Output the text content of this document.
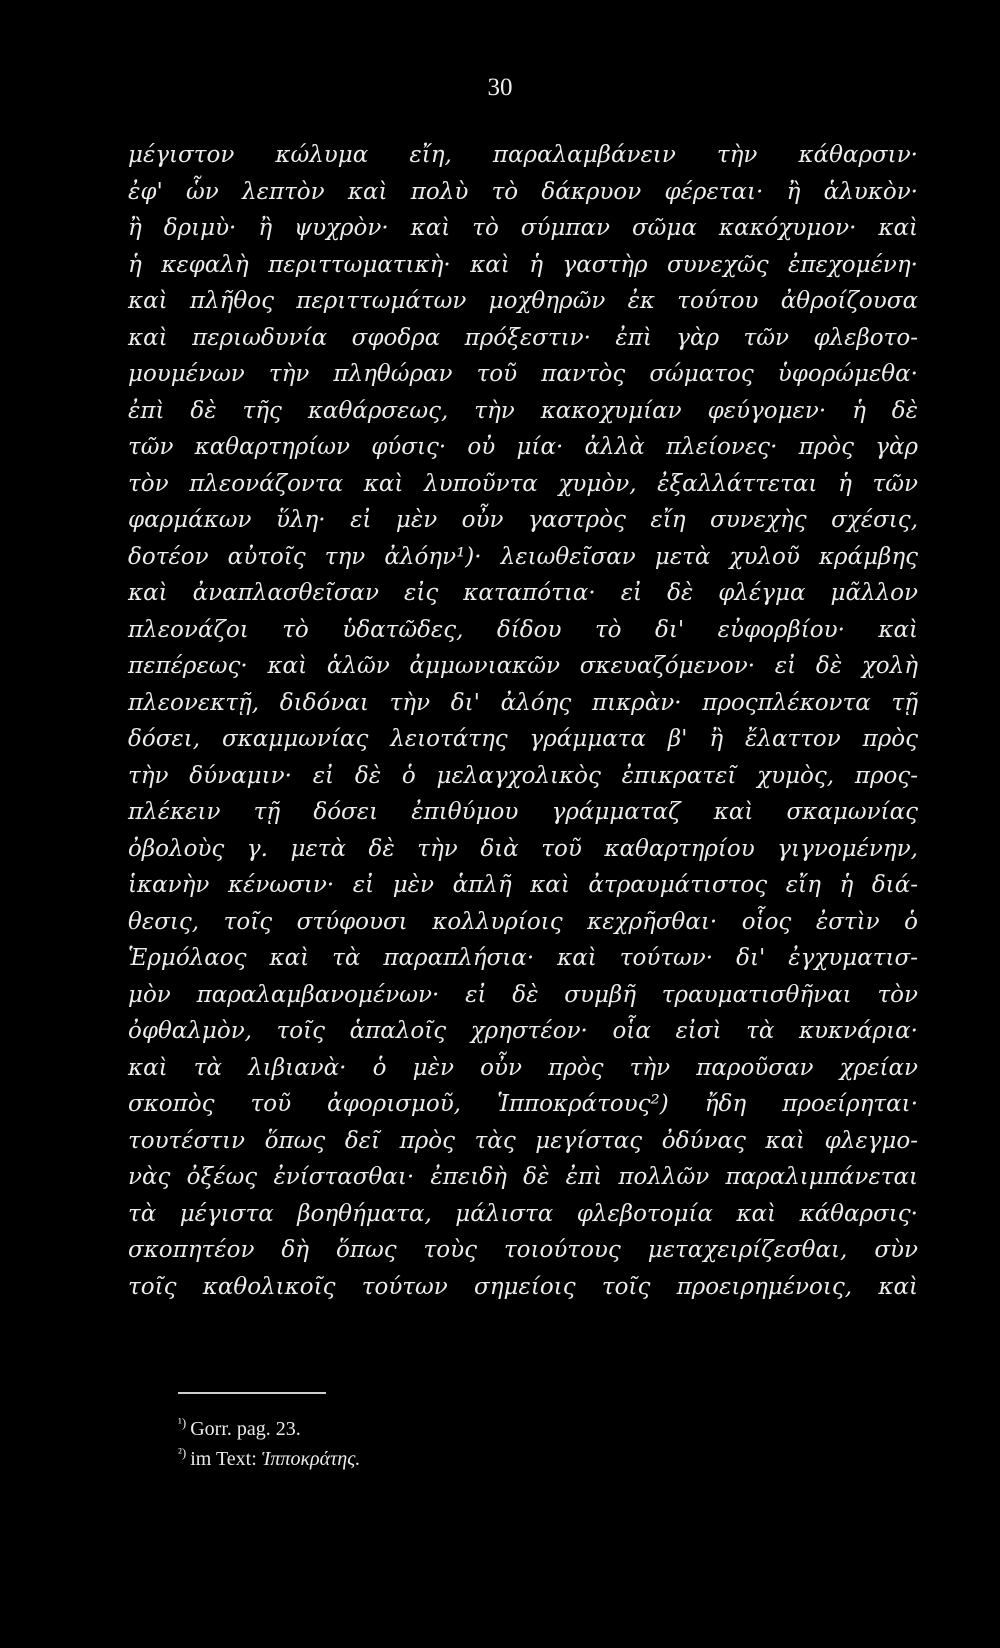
30
μέγιστον κώλυμα εἴη, παραλαμβάνειν τὴν κάθαρσιν·
ἐφ' ὧν λεπτὸν καὶ πολὺ τὸ δάκρυον φέρεται· ἢ ἁλυκὸν·
ἢ δριμὺ· ἢ ψυχρὸν· καὶ τὸ σύμπαν σῶμα κακόχυμον· καὶ
ἡ κεφαλὴ περιττωματικὴ· καὶ ἡ γαστὴρ συνεχῶς ἐπεχομένη·
καὶ πλῆθος περιττωμάτων μοχθηρῶν ἐκ τούτου ἀθροίζουσα
καὶ περιωδυνία σφοδρα πρόξεστιν· ἐπὶ γὰρ τῶν φλεβοτο-
μουμένων τὴν πληθώραν τοῦ παντὸς σώματος ὑφορώμεθα·
ἐπὶ δὲ τῆς καθάρσεως, τὴν κακοχυμίαν φεύγομεν· ἡ δὲ
τῶν καθαρτηρίων φύσις· οὐ μία· ἀλλὰ πλείονες· πρὸς γὰρ
τὸν πλεονάζοντα καὶ λυποῦντα χυμὸν, ἐξαλλάττεται ἡ τῶν
φαρμάκων ὕλη· εἰ μὲν οὖν γαστρὸς εἴη συνεχὴς σχέσις,
δοτέον αὐτοῖς την ἀλόην¹)· λειωθεῖσαν μετὰ χυλοῦ κράμβης
καὶ ἀναπλασθεῖσαν εἰς καταπότια· εἰ δὲ φλέγμα μᾶλλον
πλεονάζοι τὸ ὑδατῶδες, δίδου τὸ δι' εὐφορβίου· καὶ
πεπέρεως· καὶ ἁλῶν ἀμμωνιακῶν σκευαζόμενον· εἰ δὲ χολὴ
πλεονεκτῇ, διδόναι τὴν δι' ἀλόης πικρὰν· προςπλέκοντα τῇ
δόσει, σκαμμωνίας λειοτάτης γράμματα β' ἢ ἔλαττον πρὸς
τὴν δύναμιν· εἰ δὲ ὁ μελαγχολικὸς ἐπικρατεῖ χυμὸς, προς-
πλέκειν τῇ δόσει ἐπιθύμου γράμματαζ καὶ σκαμωνίας
ὀβολοὺς γ. μετὰ δὲ τὴν διὰ τοῦ καθαρτηρίου γιγνομένην,
ἱκανὴν κένωσιν· εἰ μὲν ἁπλῆ καὶ ἀτραυμάτιστος εἴη ἡ διά-
θεσις, τοῖς στύφουσι κολλυρίοις κεχρῆσθαι· οἷος ἐστὶν ὁ
Ἑρμόλαος καὶ τὰ παραπλήσια· καὶ τούτων· δι' ἐγχυματισ-
μὸν παραλαμβανομένων· εἰ δὲ συμβῆ τραυματισθῆναι τὸν
ὀφθαλμὸν, τοῖς ἁπαλοῖς χρηστέον· οἷα εἰσὶ τὰ κυκνάρια·
καὶ τὰ λιβιανὰ· ὁ μὲν οὖν πρὸς τὴν παροῦσαν χρείαν
σκοπὸς τοῦ ἀφορισμοῦ, Ἱπποκράτους²) ἤδη προείρηται·
τουτέστιν ὅπως δεῖ πρὸς τὰς μεγίστας ὀδύνας καὶ φλεγμο-
νὰς ὀξέως ἐνίστασθαι· ἐπειδὴ δὲ ἐπὶ πολλῶν παραλιμπάνεται
τὰ μέγιστα βοηθήματα, μάλιστα φλεβοτομία καὶ κάθαρσις·
σκοπητέον δὴ ὅπως τοὺς τοιούτους μεταχειρίζεσθαι, σὺν
τοῖς καθολικοῖς τούτων σημείοις τοῖς προειρημένοις, καὶ
$^{^1)}$ Gorr. pag. 23.
$^{^2)}$ im Text: Ἱπποκράτης.
